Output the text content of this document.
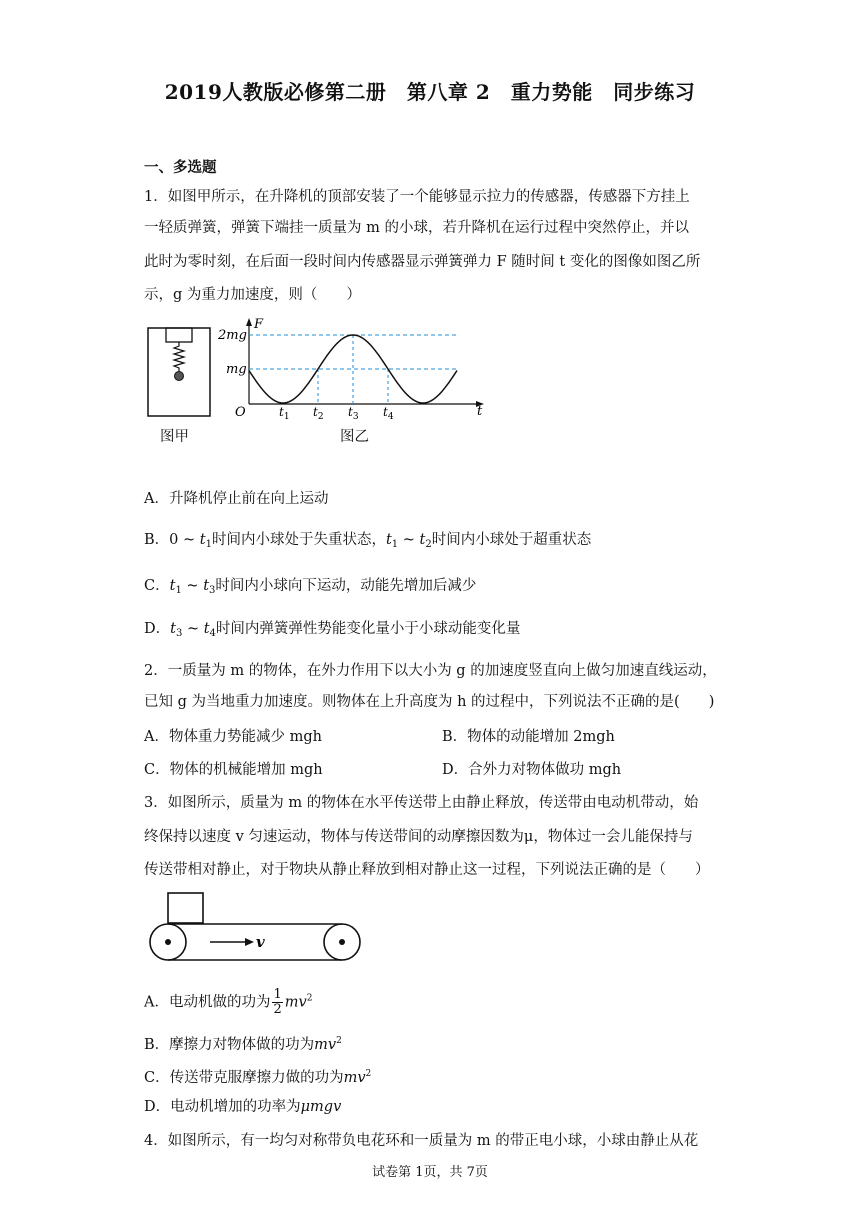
2019人教版必修第二册　第八章 2　重力势能　同步练习
一、多选题
1．如图甲所示，在升降机的顶部安装了一个能够显示拉力的传感器，传感器下方挂上
一轻质弹簧，弹簧下端挂一质量为 m 的小球，若升降机在运行过程中突然停止，并以
此时为零时刻，在后面一段时间内传感器显示弹簧弹力 F 随时间 t 变化的图像如图乙所
示，g 为重力加速度，则（　　）
图甲
2mg
mg
F
O	t
$t_1$ $t_2$ $t_3$ $t_4$
图乙
A．升降机停止前在向上运动
B．0 ~ $t_1$时间内小球处于失重状态，$t_1$ ~ $t_2$时间内小球处于超重状态
C．$t_1$ ~ $t_3$时间内小球向下运动，动能先增加后减少
D．$t_3$ ~ $t_4$时间内弹簧弹性势能变化量小于小球动能变化量
2．一质量为 m 的物体，在外力作用下以大小为 g 的加速度竖直向上做匀加速直线运动，
已知 g 为当地重力加速度。则物体在上升高度为 h 的过程中，下列说法不正确的是(　　)
A．物体重力势能减少 mgh	B．物体的动能增加 2mgh
C．物体的机械能增加 mgh	D．合外力对物体做功 mgh
3．如图所示，质量为 m 的物体在水平传送带上由静止释放，传送带由电动机带动，始
终保持以速度 v 匀速运动，物体与传送带间的动摩擦因数为μ，物体过一会儿能保持与
传送带相对静止，对于物块从静止释放到相对静止这一过程，下列说法正确的是（　　）
v
A．电动机做的功为 $\frac{1}{2} mv^2$
B．摩擦力对物体做的功为$mv^2$
C．传送带克服摩擦力做的功为$mv^2$
D．电动机增加的功率为μmgv
4．如图所示，有一均匀对称带负电花环和一质量为 m 的带正电小球，小球由静止从花
试卷第 1页，共 7页
